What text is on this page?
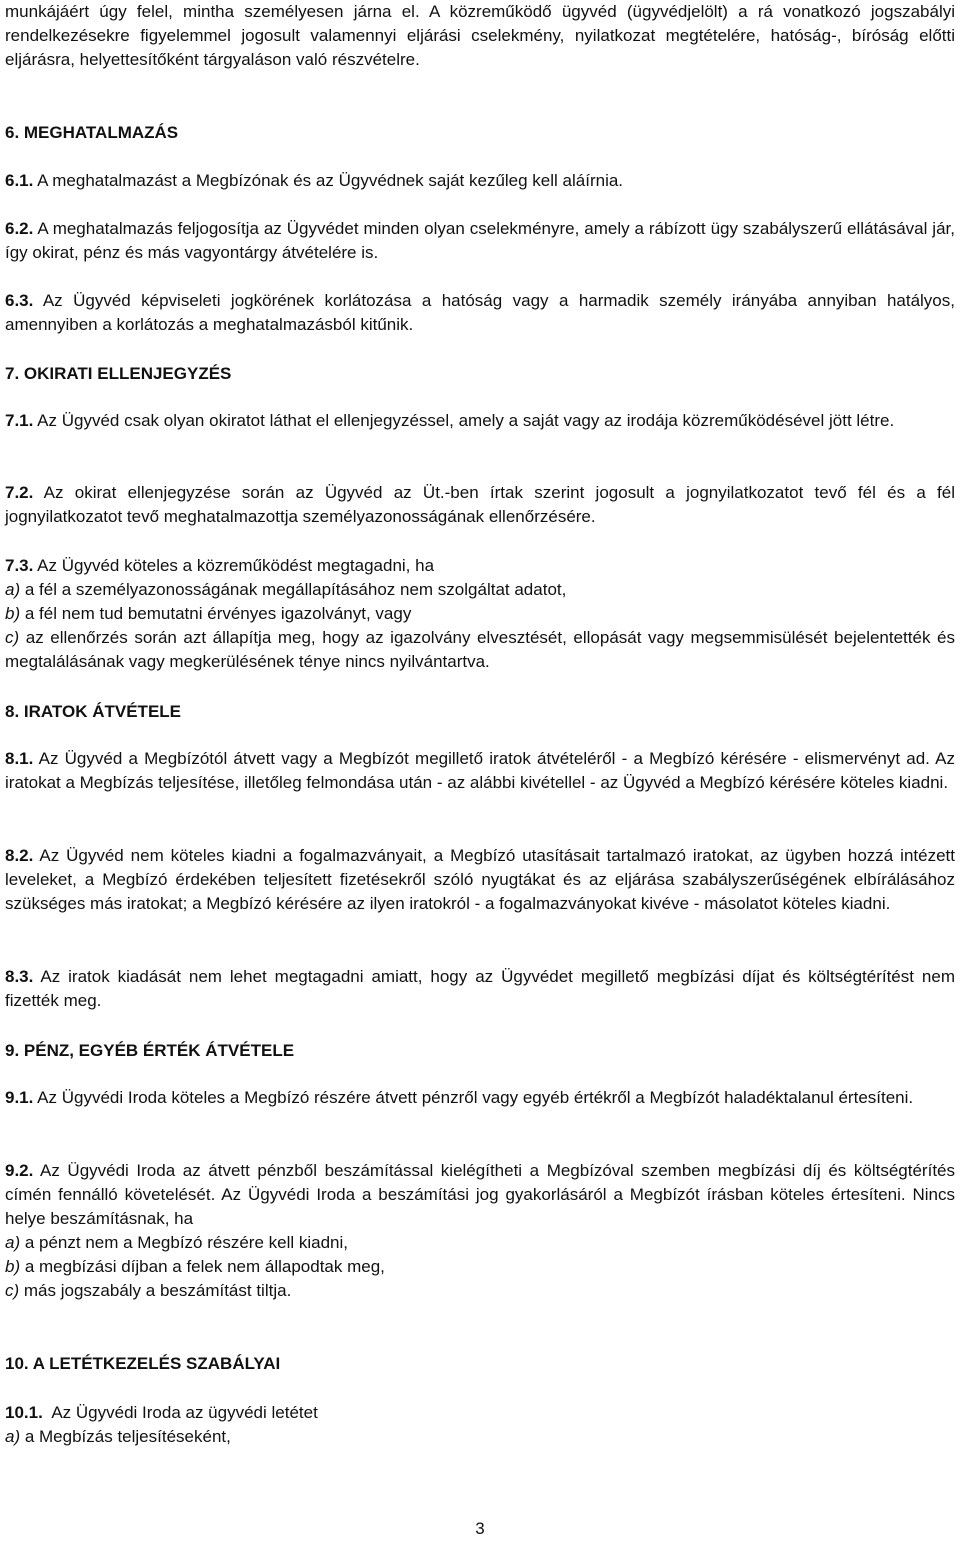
munkájáért úgy felel, mintha személyesen járna el. A közreműködő ügyvéd (ügyvédjelölt) a rá vonatkozó jogszabályi rendelkezésekre figyelemmel jogosult valamennyi eljárási cselekmény, nyilatkozat megtételére, hatóság-, bíróság előtti eljárásra, helyettesítőként tárgyaláson való részvételre.

6. MEGHATALMAZÁS

6.1. A meghatalmazást a Megbízónak és az Ügyvédnek saját kezűleg kell aláírnia.

6.2. A meghatalmazás feljogosítja az Ügyvédet minden olyan cselekményre, amely a rábízott ügy szabályszerű ellátásával jár, így okirat, pénz és más vagyontárgy átvételére is.

6.3. Az Ügyvéd képviseleti jogkörének korlátozása a hatóság vagy a harmadik személy irányába annyiban hatályos, amennyiben a korlátozás a meghatalmazásból kitűnik.

7. OKIRATI ELLENJEGYZÉS

7.1. Az Ügyvéd csak olyan okiratot láthat el ellenjegyzéssel, amely a saját vagy az irodája közreműködésével jött létre.

7.2. Az okirat ellenjegyzése során az Ügyvéd az Üt.-ben írtak szerint jogosult a jognyilatkozatot tevő fél és a fél jognyilatkozatot tevő meghatalmazottja személyazonosságának ellenőrzésére.

7.3. Az Ügyvéd köteles a közreműködést megtagadni, ha

a) a fél a személyazonosságának megállapításához nem szolgáltat adatot,

b) a fél nem tud bemutatni érvényes igazolványt, vagy

c) az ellenőrzés során azt állapítja meg, hogy az igazolvány elvesztését, ellopását vagy megsemmisülését bejelentették és megtalálásának vagy megkerülésének ténye nincs nyilvántartva.

8. IRATOK ÁTVÉTELE

8.1. Az Ügyvéd a Megbízótól átvett vagy a Megbízót megillető iratok átvételéről - a Megbízó kérésére - elismervényt ad. Az iratokat a Megbízás teljesítése, illetőleg felmondása után - az alábbi kivétellel - az Ügyvéd a Megbízó kérésére köteles kiadni.

8.2. Az Ügyvéd nem köteles kiadni a fogalmazványait, a Megbízó utasításait tartalmazó iratokat, az ügyben hozzá intézett leveleket, a Megbízó érdekében teljesített fizetésekről szóló nyugtákat és az eljárása szabályszerűségének elbírálásához szükséges más iratokat; a Megbízó kérésére az ilyen iratokról - a fogalmazványokat kivéve - másolatot köteles kiadni.

8.3. Az iratok kiadását nem lehet megtagadni amiatt, hogy az Ügyvédet megillető megbízási díjat és költségtérítést nem fizették meg.

9. PÉNZ, EGYÉB ÉRTÉK ÁTVÉTELE

9.1. Az Ügyvédi Iroda köteles a Megbízó részére átvett pénzről vagy egyéb értékről a Megbízót haladéktalanul értesíteni.

9.2. Az Ügyvédi Iroda az átvett pénzből beszámítással kielégítheti a Megbízóval szemben megbízási díj és költségtérítés címén fennálló követelését. Az Ügyvédi Iroda a beszámítási jog gyakorlásáról a Megbízót írásban köteles értesíteni. Nincs helye beszámításnak, ha

a) a pénzt nem a Megbízó részére kell kiadni,

b) a megbízási díjban a felek nem állapodtak meg,

c) más jogszabály a beszámítást tiltja.

10. A LETÉTKEZELÉS SZABÁLYAI

10.1.  Az Ügyvédi Iroda az ügyvédi letétet

a) a Megbízás teljesítéseként,

3
